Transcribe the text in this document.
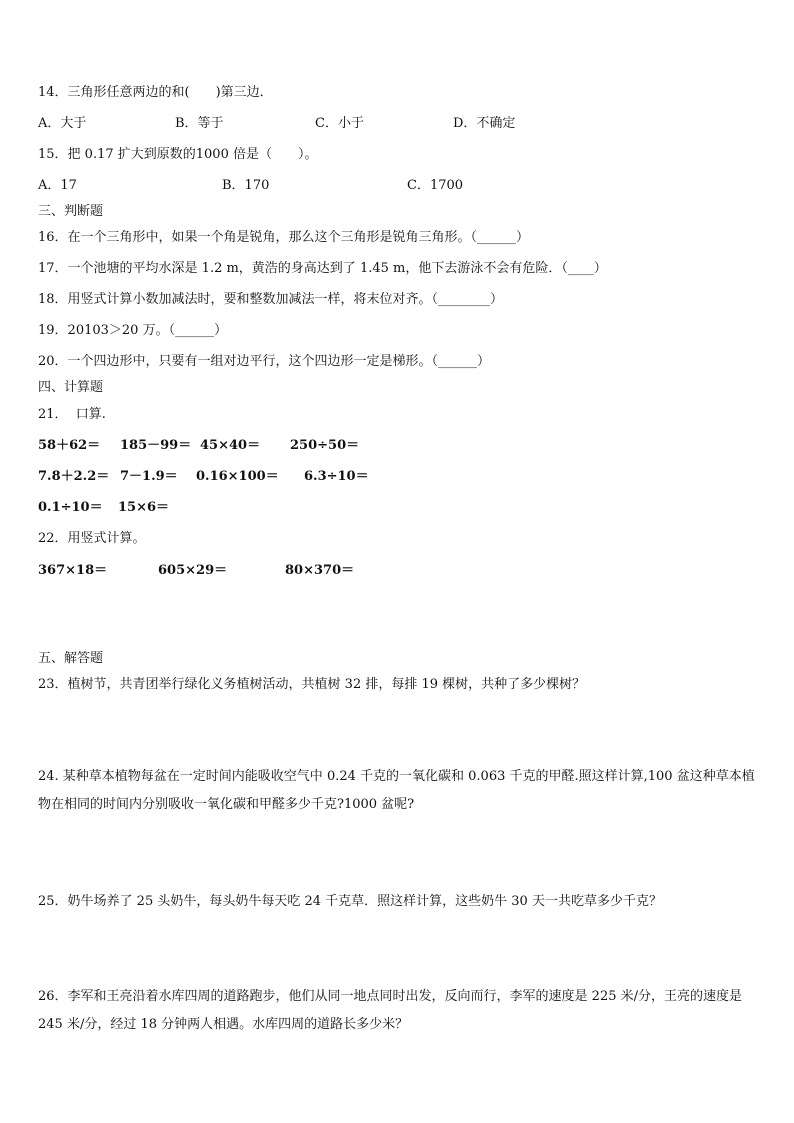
14．三角形任意两边的和(　　)第三边．
A．大于	B．等于	C．小于	D．不确定
15．把 0.17 扩大到原数的1000 倍是（　　）。
A．17	B．170	C．1700
三、判断题
16．在一个三角形中，如果一个角是锐角，那么这个三角形是锐角三角形。（______）
17．一个池塘的平均水深是 1.2 m，黄浩的身高达到了 1.45 m，他下去游泳不会有危险．（____）
18．用竖式计算小数加减法时，要和整数加减法一样，将末位对齐。（________）
19．20103＞20 万。（______）
20．一个四边形中，只要有一组对边平行，这个四边形一定是梯形。（______）
四、计算题
21．  口算.
58＋62＝ 185－99＝ 45×40＝ 250÷50＝
7.8＋2.2＝ 7－1.9＝ 0.16×100＝ 6.3÷10＝
0.1÷10＝ 15×6＝
22．用竖式计算。
367×18＝	605×29＝	80×370＝
五、解答题
23．植树节，共青团举行绿化义务植树活动，共植树 32 排，每排 19 棵树，共种了多少棵树？
24. 某种草本植物每盆在一定时间内能吸收空气中 0.24 千克的一氧化碳和 0.063 千克的甲醛.照这样计算,100 盆这种草本植物在相同的时间内分别吸收一氧化碳和甲醛多少千克?1000 盆呢?
25．奶牛场养了 25 头奶牛，每头奶牛每天吃 24 千克草．照这样计算，这些奶牛 30 天一共吃草多少千克？
26．李军和王亮沿着水库四周的道路跑步，他们从同一地点同时出发，反向而行，李军的速度是 225 米/分，王亮的速度是 245 米/分，经过 18 分钟两人相遇。水库四周的道路长多少米？
